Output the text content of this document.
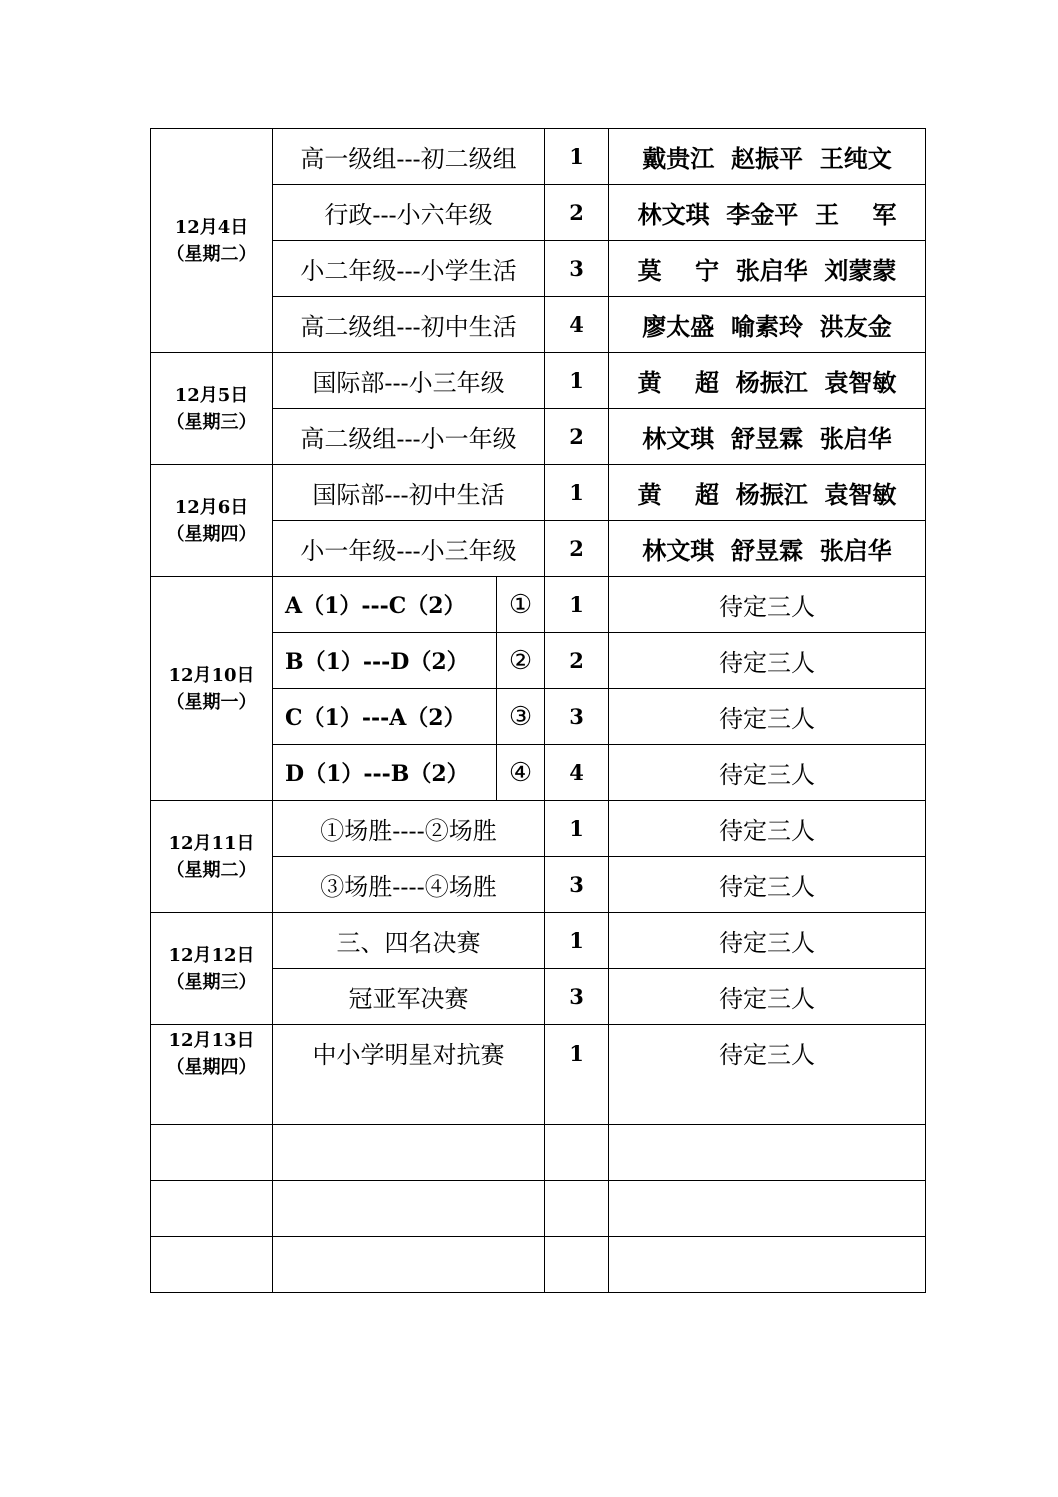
12月4日
（星期二）	高一级组---初二级组		1	戴贵江  赵振平  王纯文
	行政---小六年级		2	林文琪  李金平  王    军
	小二年级---小学生活		3	莫    宁  张启华  刘蒙蒙
	高二级组---初中生活		4	廖太盛  喻素玲  洪友金

12月5日
（星期三）	国际部---小三年级		1	黄    超  杨振江  袁智敏
	高二级组---小一年级		2	林文琪  舒昱霖  张启华

12月6日
（星期四）	国际部---初中生活		1	黄    超  杨振江  袁智敏
	小一年级---小三年级		2	林文琪  舒昱霖  张启华

12月10日
（星期一）	A（1）---C（2）	①	1	待定三人
	B（1）---D（2）	②	2	待定三人
	C（1）---A（2）	③	3	待定三人
	D（1）---B（2）	④	4	待定三人

12月11日
（星期二）	①场胜----②场胜		1	待定三人
	③场胜----④场胜		3	待定三人

12月12日
（星期三）	三、四名决赛		1	待定三人
	冠亚军决赛		3	待定三人

12月13日
（星期四）	中小学明星对抗赛		1	待定三人
